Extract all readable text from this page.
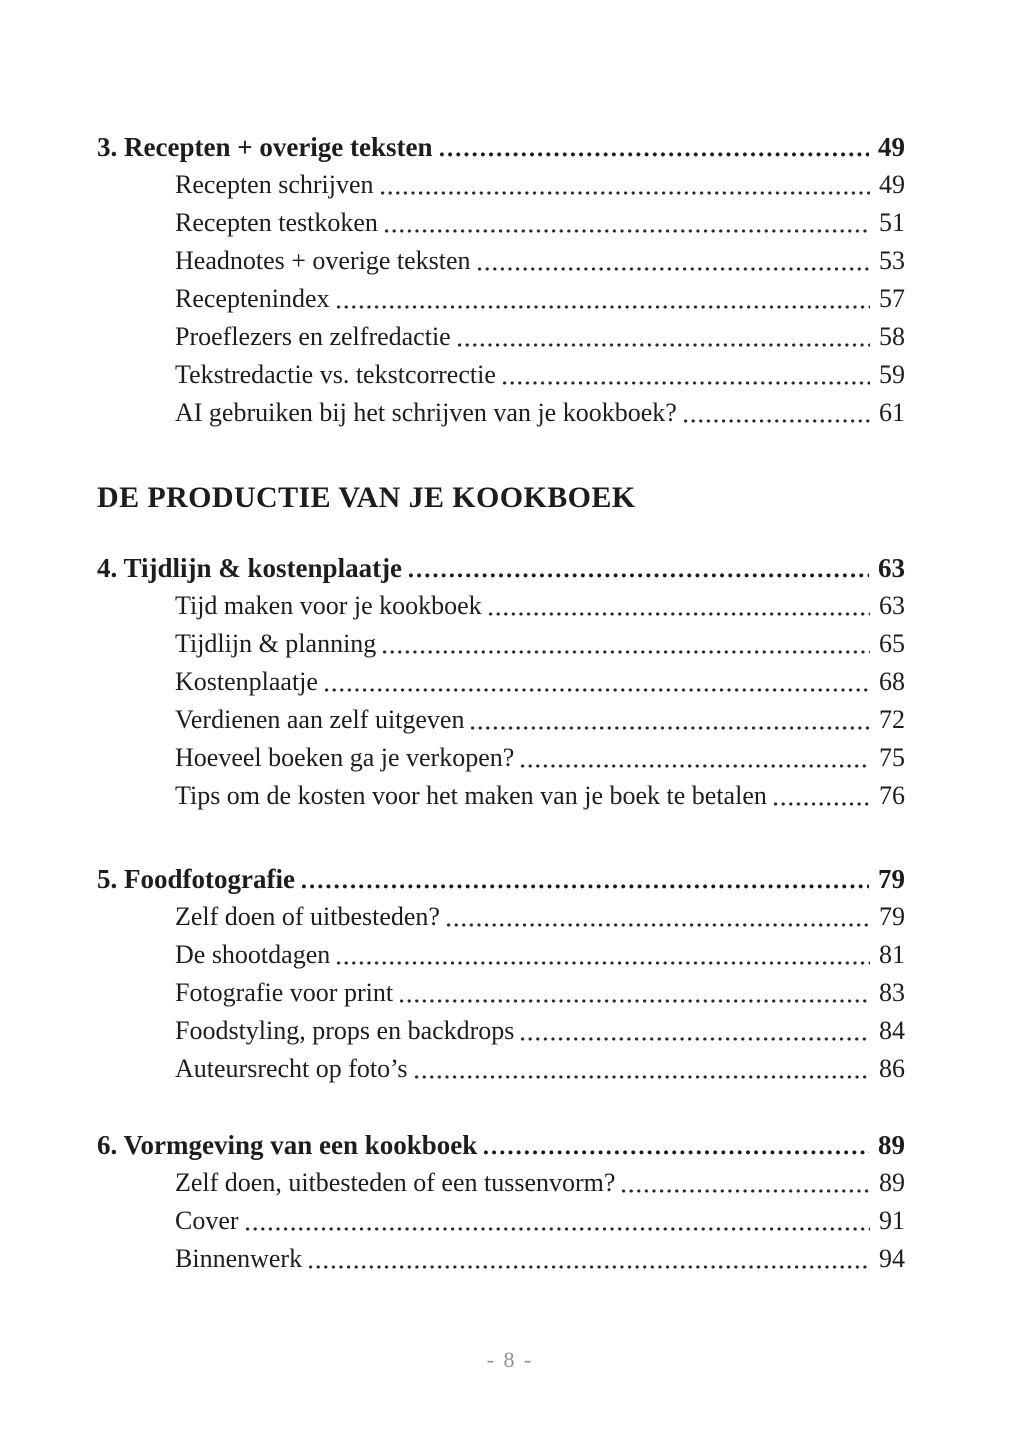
3. Recepten + overige teksten	49
Recepten schrijven	49
Recepten testkoken	51
Headnotes + overige teksten	53
Receptenindex	57
Proeflezers en zelfredactie	58
Tekstredactie vs. tekstcorrectie	59
AI gebruiken bij het schrijven van je kookboek?	61
DE PRODUCTIE VAN JE KOOKBOEK
4. Tijdlijn & kostenplaatje	63
Tijd maken voor je kookboek	63
Tijdlijn & planning	65
Kostenplaatje	68
Verdienen aan zelf uitgeven	72
Hoeveel boeken ga je verkopen?	75
Tips om de kosten voor het maken van je boek te betalen	76
5. Foodfotografie	79
Zelf doen of uitbesteden?	79
De shootdagen	81
Fotografie voor print	83
Foodstyling, props en backdrops	84
Auteursrecht op foto’s	86
6. Vormgeving van een kookboek	89
Zelf doen, uitbesteden of een tussenvorm?	89
Cover	91
Binnenwerk	94
- 8 -
